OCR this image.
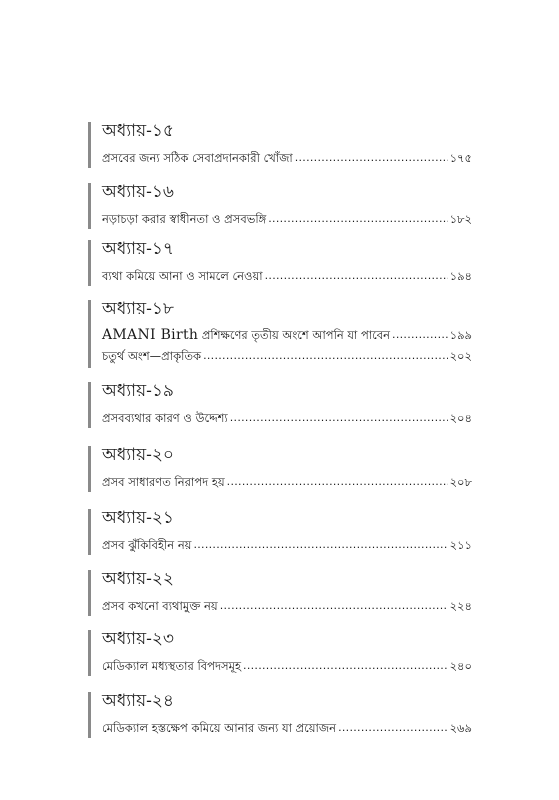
অধ্যায়-১৫
প্রসবের জন্য সঠিক সেবাপ্রদানকারী খোঁজা . . .	১৭৫
অধ্যায়-১৬
নড়াচড়া করার স্বাধীনতা ও প্রসবভঙ্গি . . .	১৮২
অধ্যায়-১৭
ব্যথা কমিয়ে আনা ও সামলে নেওয়া . . .	১৯৪
অধ্যায়-১৮
AMANI Birth প্রশিক্ষণের তৃতীয় অংশে আপনি যা পাবেন . . .	১৯৯
চতুর্থ অংশ—প্রাকৃতিক . . .	২০২
অধ্যায়-১৯
প্রসবব্যথার কারণ ও উদ্দেশ্য . . .	২০৪
অধ্যায়-২০
প্রসব সাধারণত নিরাপদ হয় . . .	২০৮
অধ্যায়-২১
প্রসব ঝুঁকিবিহীন নয় . . .	২১১
অধ্যায়-২২
প্রসব কখনো ব্যথামুক্ত নয় . . .	২২৪
অধ্যায়-২৩
মেডিক্যাল মধ্যস্থতার বিপদসমূহ . . .	২৪০
অধ্যায়-২৪
মেডিক্যাল হস্তক্ষেপ কমিয়ে আনার জন্য যা প্রয়োজন . . .	২৬৯
